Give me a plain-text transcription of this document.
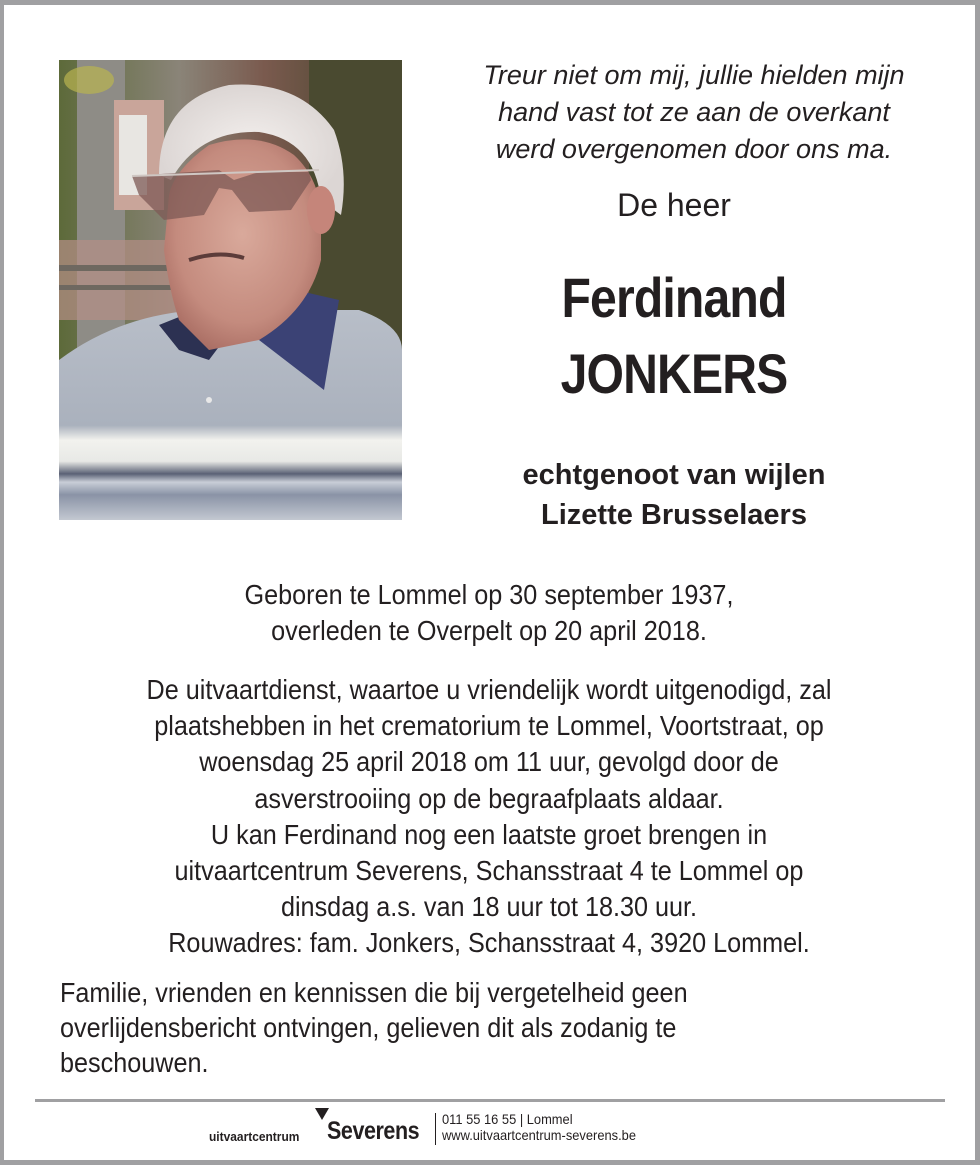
Treur niet om mij, jullie hielden mijn
hand vast tot ze aan de overkant
werd overgenomen door ons ma.
De heer
Ferdinand
JONKERS
echtgenoot van wijlen
Lizette Brusselaers
Geboren te Lommel op 30 september 1937,
overleden te Overpelt op 20 april 2018.
De uitvaartdienst, waartoe u vriendelijk wordt uitgenodigd, zal
plaatshebben in het crematorium te Lommel, Voortstraat, op
woensdag 25 april 2018 om 11 uur, gevolgd door de
asverstrooiing op de begraafplaats aldaar.
U kan Ferdinand nog een laatste groet brengen in
uitvaartcentrum Severens, Schansstraat 4 te Lommel op
dinsdag a.s. van 18 uur tot 18.30 uur.
Rouwadres: fam. Jonkers, Schansstraat 4, 3920 Lommel.
Familie, vrienden en kennissen die bij vergetelheid geen
overlijdensbericht ontvingen, gelieven dit als zodanig te
beschouwen.
uitvaartcentrum Severens 011 55 16 55 | Lommel
www.uitvaartcentrum-severens.be
